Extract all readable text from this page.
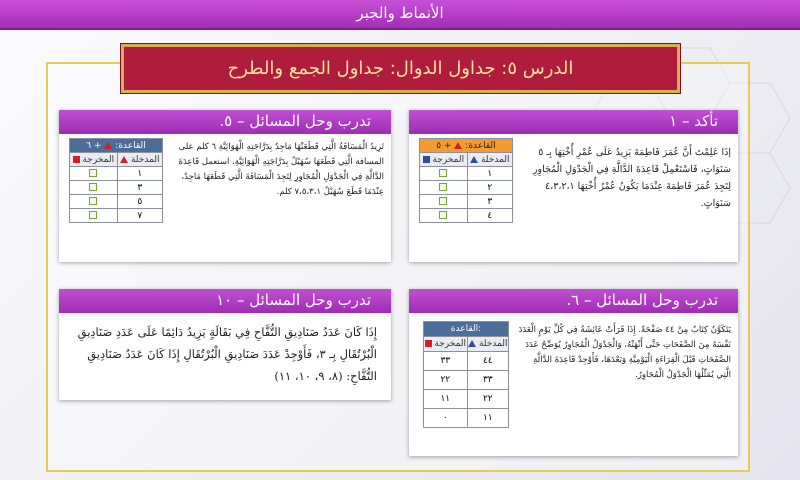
الأنماط والجبر
الدرس ٥: جداول الدوال: جداول الجمع والطرح
تأكد – ١
إذَا عَلِمْتَ أَنَّ عُمَرَ فَاطِمَةَ يَزِيدُ عَلَى عُمْرِ أُخْتِهَا بِـ ٥ سَنَوَاتٍ، فَاسْتَعْمِلْ قَاعِدَةَ الدَّالَّةِ فِي الْجَدْوَلِ الْمُجَاوِرِ لِتَجِدَ عُمَرَ فَاطِمَةَ عِنْدَمَا يَكُونُ عُمْرُ أُخْتِهَا ٤،٣،٢،١ سَنَوَاتٍ.
القاعدة:  + ٥	
المخرجة	المدخلة
	١
	٢
	٣
	٤
تدرب وحل المسائل – ٥.
تَزِيدُ الْمَسَافَةُ الَّتِي قَطَعَتْهَا مَاجِدٌ بِدَرَّاجَتِهِ الْهَوَائِيَّةِ ٦ كلم على المسافة الَّتِي قَطَعَهَا سُهَيْلٌ بِدَرَّاجَتِهِ الْهَوَائِيَّةِ. استعمل قَاعِدَةَ الدَّالَّةِ فِي الْجَدْوَلِ الْمُجَاوِرِ لِتَجِدَ الْمَسَافَةَ الَّتِي قَطَعَهَا مَاجِدٌ، عِنْدَمَا قَطَعَ سُهَيْلٌ ٧،٥،٣،١ كلم.
القاعدة:  + ٦	
المخرجة	المدخلة
	١
	٣
	٥
	٧
تدرب وحل المسائل – ٦.
يَتَكَوَّنُ كِتَابٌ مِنْ ٤٤ صَفْحَةً. إِذَا قَرَأَتْ عَائِشَةُ فِي كُلِّ يَوْمٍ الْعَدَدَ نَفْسَهُ مِنَ الصَّفَحَاتِ حَتَّى أَنْهَتْهُ، وَالْجَدْوَلُ الْمُجَاوِرُ يُوَضِّحُ عَدَدَ الصَّفَحَاتِ قَبْلَ الْقِرَاءَةِ الْيَوْمِيَّةِ وَبَعْدَهَا، فَأَوْجِدْ قَاعِدَةَ الدَّالَّةِ الَّتِي يُمَثِّلُهَا الْجَدْوَلُ الْمُجَاوِرُ.
القاعدة:	
المخرجة	المدخلة
٣٣	٤٤
٢٢	٣٣
١١	٢٢
٠	١١
تدرب وحل المسائل – ١٠
إِذَا كَانَ عَدَدُ صَنَادِيقِ التُّفَّاحِ فِي بَقَالَةٍ يَزِيدُ دَائِمًا عَلَى عَدَدِ صَنَادِيقِ الْبُرْتُقَالِ بِـ ٣، فَأَوْجِدْ عَدَدَ صَنَادِيقِ الْبُرْتُقَالِ إِذَا كَانَ عَدَدُ صَنَادِيقِ التُّفَّاحِ: (٨، ٩، ١٠، ١١)
